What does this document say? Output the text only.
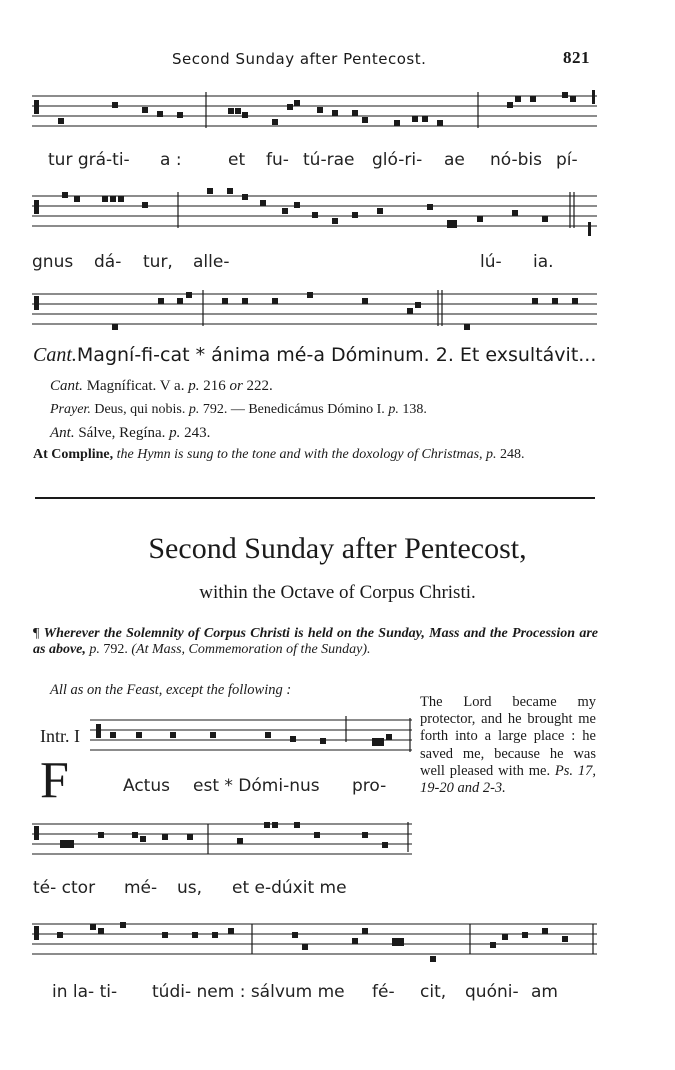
Second Sunday after Pentecost.	821
tur grá-ti- a :	et fu- tú-rae gló-ri- ae nó-bis pí-
gnus dá- tur, alle-	lú- ia.
Cant.Magní-fi-cat * ánima mé-a Dóminum. 2. Et exsultávit...
Cant. Magníficat. V a. p. 216 or 222.
Prayer. Deus, qui nobis. p. 792. — Benedicámus Dómino I. p. 138.
Ant. Sálve, Regína. p. 243.
At Compline, the Hymn is sung to the tone and with the doxology of Christmas, p. 248.
Second Sunday after Pentecost,
within the Octave of Corpus Christi.
¶ Wherever the Solemnity of Corpus Christi is held on the Sunday, Mass and the Procession are as above, p. 792. (At Mass, Commemoration of the Sunday).
All as on the Feast, except the following :
Intr. I
F	Actus est * Dómi-nus pro-
té- ctor mé- us, et e-dúxit me
The Lord became my protector, and he brought me forth into a large place : he saved me, because he was well pleased with me. Ps. 17, 19-20 and 2-3.
in la- ti- túdi- nem : sálvum me fé- cit, quóni- am
